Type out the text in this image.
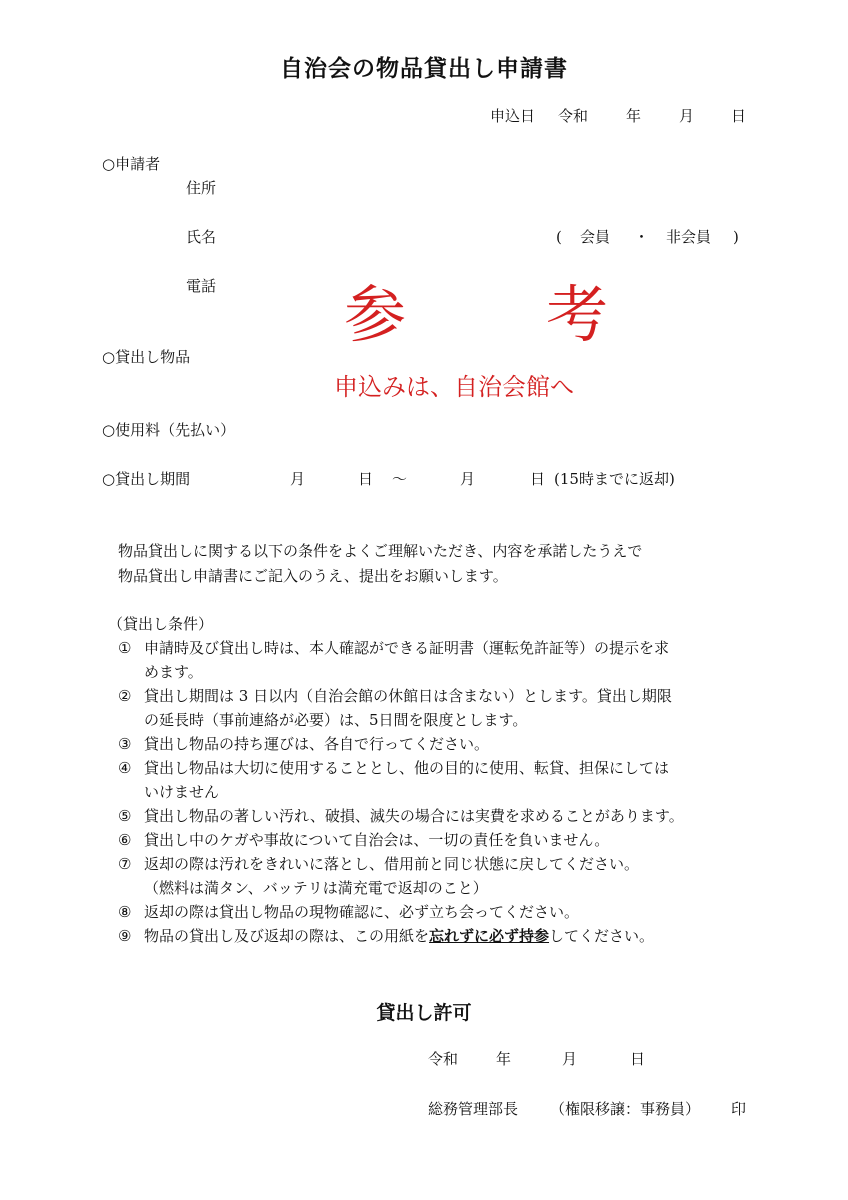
自治会の物品貸出し申請書
申込日 令和	年	月 日
○申請者
住所
氏名	( 会員 ・ 非会員 )
電話 参 考
申込みは、自治会館へ
○貸出し物品
○使用料（先払い）
○貸出し期間	月	日 ～	月	日 (15時までに返却)
物品貸出しに関する以下の条件をよくご理解いただき、内容を承諾したうえで
物品貸出し申請書にご記入のうえ、提出をお願いします。
（貸出し条件）
① 申請時及び貸出し時は、本人確認ができる証明書（運転免許証等）の提示を求
めます。
② 貸出し期間は 3 日以内（自治会館の休館日は含まない）とします。貸出し期限
の延長時（事前連絡が必要）は、5日間を限度とします。
③ 貸出し物品の持ち運びは、各自で行ってください。
④ 貸出し物品は大切に使用することとし、他の目的に使用、転貸、担保にしては
いけません
⑤ 貸出し物品の著しい汚れ、破損、滅失の場合には実費を求めることがあります。
⑥ 貸出し中のケガや事故について自治会は、一切の責任を負いません。
⑦ 返却の際は汚れをきれいに落とし、借用前と同じ状態に戻してください。
（燃料は満タン、バッテリは満充電で返却のこと）
⑧ 返却の際は貸出し物品の現物確認に、必ず立ち会ってください。
⑨ 物品の貸出し及び返却の際は、この用紙を忘れずに必ず持参してください。
貸出し許可
令和	年	月	日
総務管理部長 （権限移譲：事務員） 印
